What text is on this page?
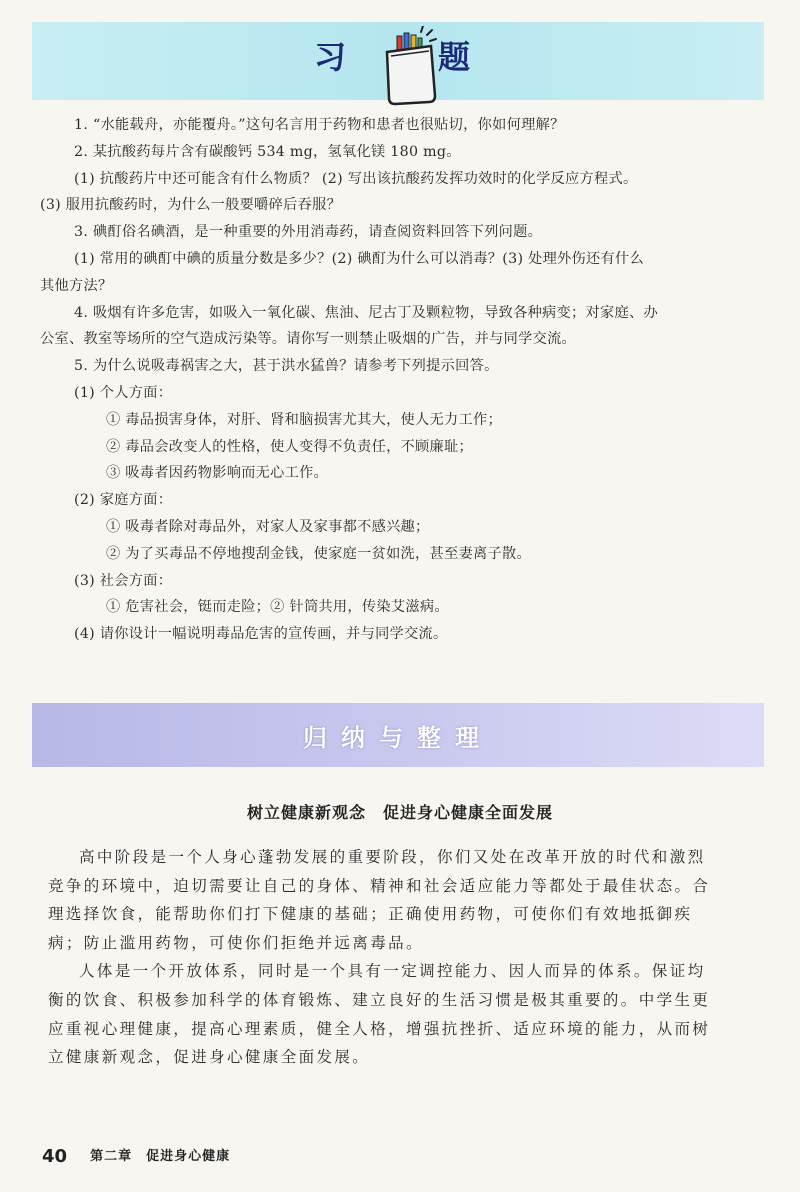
习	题
1. “水能载舟，亦能覆舟。”这句名言用于药物和患者也很贴切，你如何理解？
2. 某抗酸药每片含有碳酸钙 534 mg，氢氧化镁 180 mg。
(1) 抗酸药片中还可能含有什么物质？ (2) 写出该抗酸药发挥功效时的化学反应方程式。
(3) 服用抗酸药时，为什么一般要嚼碎后吞服？
3. 碘酊俗名碘酒，是一种重要的外用消毒药，请查阅资料回答下列问题。
(1) 常用的碘酊中碘的质量分数是多少？(2) 碘酊为什么可以消毒？(3) 处理外伤还有什么
其他方法？
4. 吸烟有许多危害，如吸入一氧化碳、焦油、尼古丁及颗粒物，导致各种病变；对家庭、办
公室、教室等场所的空气造成污染等。请你写一则禁止吸烟的广告，并与同学交流。
5. 为什么说吸毒祸害之大，甚于洪水猛兽？请参考下列提示回答。
(1) 个人方面：
① 毒品损害身体，对肝、肾和脑损害尤其大，使人无力工作；
② 毒品会改变人的性格，使人变得不负责任，不顾廉耻；
③ 吸毒者因药物影响而无心工作。
(2) 家庭方面：
① 吸毒者除对毒品外，对家人及家事都不感兴趣；
② 为了买毒品不停地搜刮金钱，使家庭一贫如洗，甚至妻离子散。
(3) 社会方面：
① 危害社会，铤而走险；② 针筒共用，传染艾滋病。
(4) 请你设计一幅说明毒品危害的宣传画，并与同学交流。
归纳与整理
树立健康新观念　促进身心健康全面发展
高中阶段是一个人身心蓬勃发展的重要阶段，你们又处在改革开放的时代和激烈
竞争的环境中，迫切需要让自己的身体、精神和社会适应能力等都处于最佳状态。合
理选择饮食，能帮助你们打下健康的基础；正确使用药物，可使你们有效地抵御疾
病；防止滥用药物，可使你们拒绝并远离毒品。
人体是一个开放体系，同时是一个具有一定调控能力、因人而异的体系。保证均
衡的饮食、积极参加科学的体育锻炼、建立良好的生活习惯是极其重要的。中学生更
应重视心理健康，提高心理素质，健全人格，增强抗挫折、适应环境的能力，从而树
立健康新观念，促进身心健康全面发展。
40 第二章　促进身心健康
